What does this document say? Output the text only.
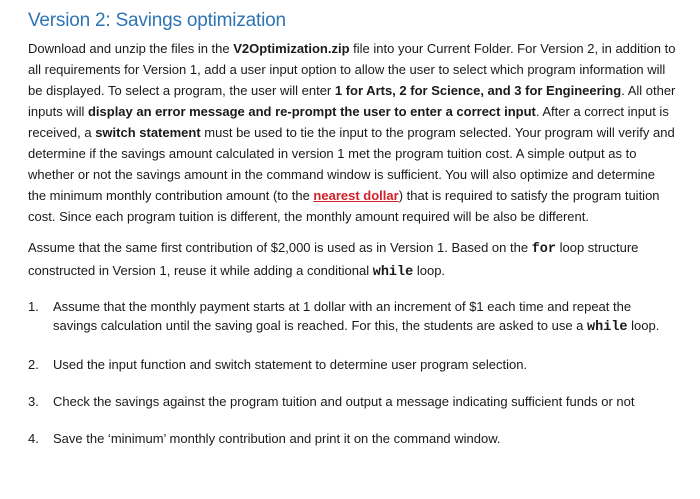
Version 2: Savings optimization

Download and unzip the files in the V2Optimization.zip file into your Current Folder. For Version 2, in addition to all requirements for Version 1, add a user input option to allow the user to select which program information will be displayed. To select a program, the user will enter 1 for Arts, 2 for Science, and 3 for Engineering. All other inputs will display an error message and re-prompt the user to enter a correct input. After a correct input is received, a switch statement must be used to tie the input to the program selected. Your program will verify and determine if the savings amount calculated in version 1 met the program tuition cost. A simple output as to whether or not the savings amount in the command window is sufficient. You will also optimize and determine the minimum monthly contribution amount (to the nearest dollar) that is required to satisfy the program tuition cost. Since each program tuition is different, the monthly amount required will be also be different.

Assume that the same first contribution of $2,000 is used as in Version 1. Based on the for loop structure constructed in Version 1, reuse it while adding a conditional while loop.

1. Assume that the monthly payment starts at 1 dollar with an increment of $1 each time and repeat the savings calculation until the saving goal is reached. For this, the students are asked to use a while loop.
2. Used the input function and switch statement to determine user program selection.
3. Check the savings against the program tuition and output a message indicating sufficient funds or not
4. Save the ‘minimum’ monthly contribution and print it on the command window.
